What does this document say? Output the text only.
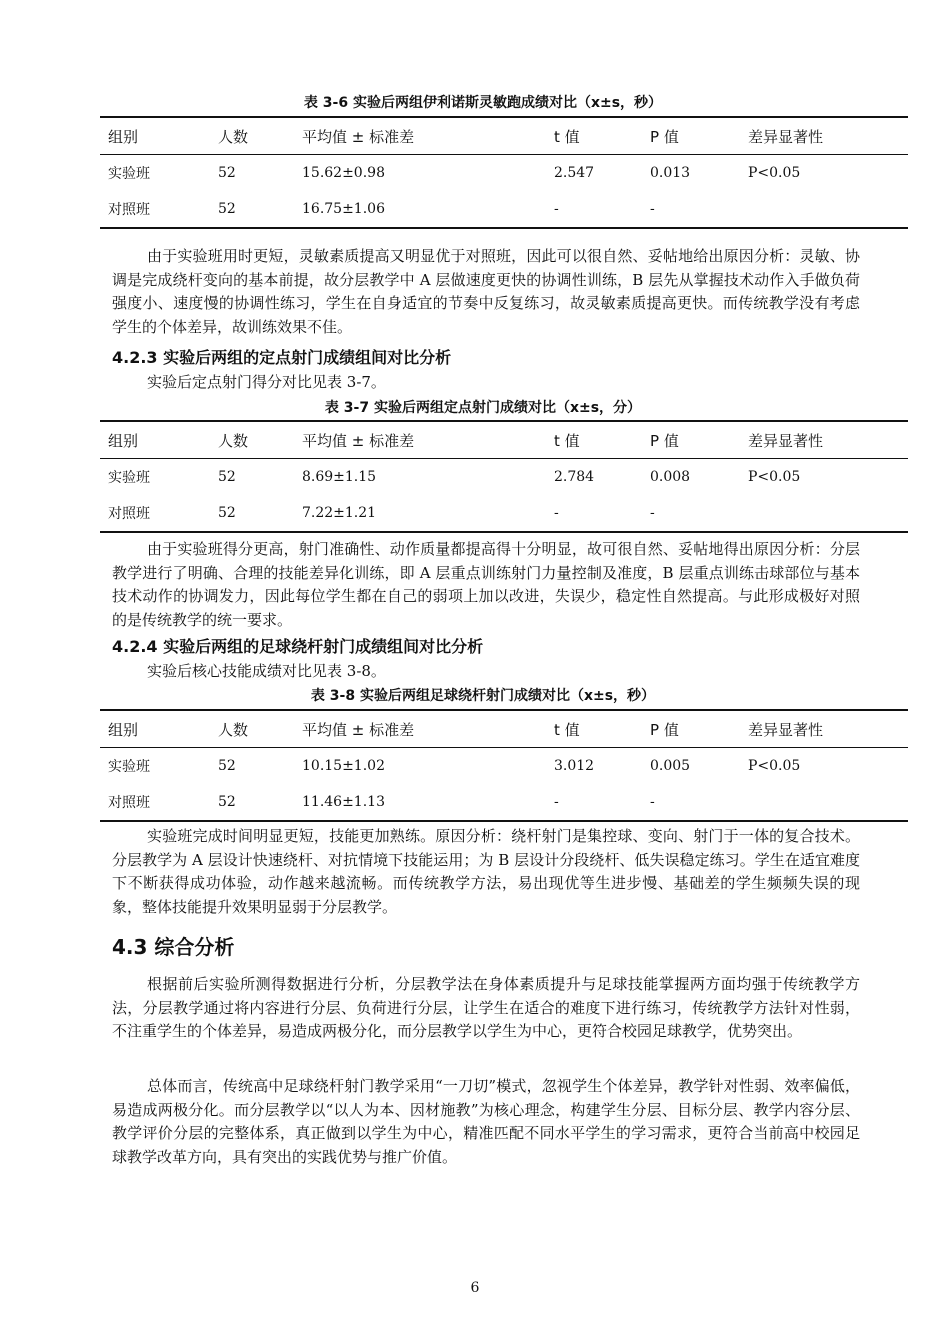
表 3-6 实验后两组伊利诺斯灵敏跑成绩对比（x±s，秒）
组别	人数	平均值 ± 标准差	t 值	P 值	差异显著性
实验班	52	15.62±0.98	2.547	0.013	P<0.05
对照班	52	16.75±1.06	-	-	

由于实验班用时更短，灵敏素质提高又明显优于对照班，因此可以很自然、妥帖地给出原因分析：灵敏、协调是完成绕杆变向的基本前提，故分层教学中 A 层做速度更快的协调性训练，B 层先从掌握技术动作入手做负荷强度小、速度慢的协调性练习，学生在自身适宜的节奏中反复练习，故灵敏素质提高更快。而传统教学没有考虑学生的个体差异，故训练效果不佳。

4.2.3 实验后两组的定点射门成绩组间对比分析

实验后定点射门得分对比见表 3-7。

表 3-7 实验后两组定点射门成绩对比（x±s，分）
组别	人数	平均值 ± 标准差	t 值	P 值	差异显著性
实验班	52	8.69±1.15	2.784	0.008	P<0.05
对照班	52	7.22±1.21	-	-	

由于实验班得分更高，射门准确性、动作质量都提高得十分明显，故可很自然、妥帖地得出原因分析：分层教学进行了明确、合理的技能差异化训练，即 A 层重点训练射门力量控制及准度，B 层重点训练击球部位与基本技术动作的协调发力，因此每位学生都在自己的弱项上加以改进，失误少，稳定性自然提高。与此形成极好对照的是传统教学的统一要求。

4.2.4 实验后两组的足球绕杆射门成绩组间对比分析

实验后核心技能成绩对比见表 3-8。

表 3-8 实验后两组足球绕杆射门成绩对比（x±s，秒）
组别	人数	平均值 ± 标准差	t 值	P 值	差异显著性
实验班	52	10.15±1.02	3.012	0.005	P<0.05
对照班	52	11.46±1.13	-	-	

实验班完成时间明显更短，技能更加熟练。原因分析：绕杆射门是集控球、变向、射门于一体的复合技术。分层教学为 A 层设计快速绕杆、对抗情境下技能运用；为 B 层设计分段绕杆、低失误稳定练习。学生在适宜难度下不断获得成功体验，动作越来越流畅。而传统教学方法，易出现优等生进步慢、基础差的学生频频失误的现象，整体技能提升效果明显弱于分层教学。

4.3 综合分析

根据前后实验所测得数据进行分析，分层教学法在身体素质提升与足球技能掌握两方面均强于传统教学方法，分层教学通过将内容进行分层、负荷进行分层，让学生在适合的难度下进行练习，传统教学方法针对性弱，不注重学生的个体差异，易造成两极分化，而分层教学以学生为中心，更符合校园足球教学，优势突出。

总体而言，传统高中足球绕杆射门教学采用“一刀切”模式，忽视学生个体差异，教学针对性弱、效率偏低，易造成两极分化。而分层教学以“以人为本、因材施教”为核心理念，构建学生分层、目标分层、教学内容分层、教学评价分层的完整体系，真正做到以学生为中心，精准匹配不同水平学生的学习需求，更符合当前高中校园足球教学改革方向，具有突出的实践优势与推广价值。

6
